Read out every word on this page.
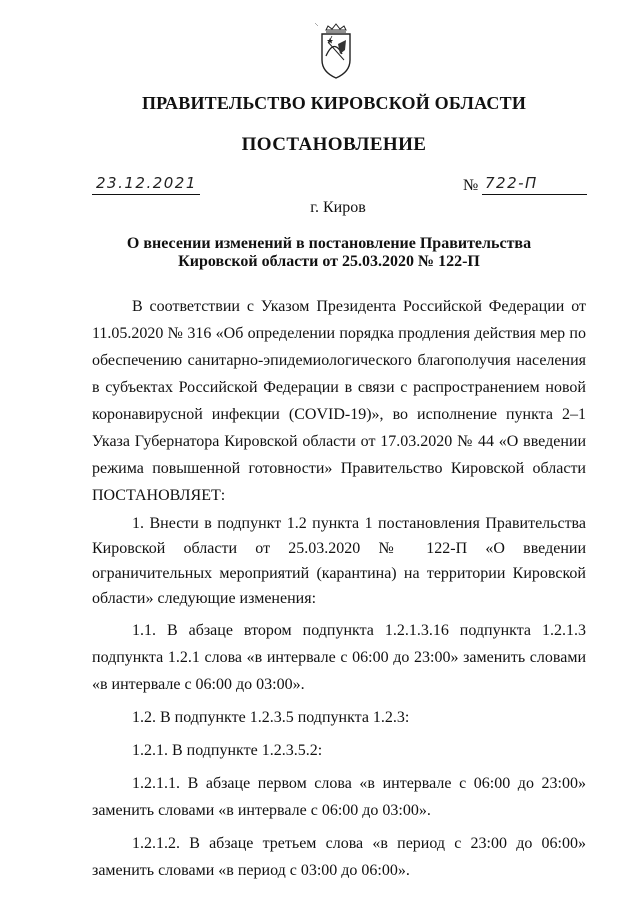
ПРАВИТЕЛЬСТВО КИРОВСКОЙ ОБЛАСТИ
ПОСТАНОВЛЕНИЕ
23.12.2021	№ 722-П
г. Киров
О внесении изменений в постановление Правительства
Кировской области от 25.03.2020 № 122-П

В соответствии с Указом Президента Российской Федерации от 11.05.2020 № 316 «Об определении порядка продления действия мер по обеспечению санитарно-эпидемиологического благополучия населения в субъектах Российской Федерации в связи с распространением новой коронавирусной инфекции (COVID-19)», во исполнение пункта 2–1 Указа Губернатора Кировской области от 17.03.2020 № 44 «О введении режима повышенной готовности» Правительство Кировской области ПОСТАНОВЛЯЕТ:

1. Внести в подпункт 1.2 пункта 1 постановления Правительства Кировской области от 25.03.2020 № 122-П «О введении ограничительных мероприятий (карантина) на территории Кировской области» следующие изменения:

1.1. В абзаце втором подпункта 1.2.1.3.16 подпункта 1.2.1.3 подпункта 1.2.1 слова «в интервале с 06:00 до 23:00» заменить словами «в интервале с 06:00 до 03:00».

1.2. В подпункте 1.2.3.5 подпункта 1.2.3:

1.2.1. В подпункте 1.2.3.5.2:

1.2.1.1. В абзаце первом слова «в интервале с 06:00 до 23:00» заменить словами «в интервале с 06:00 до 03:00».

1.2.1.2. В абзаце третьем слова «в период с 23:00 до 06:00» заменить словами «в период с 03:00 до 06:00».
